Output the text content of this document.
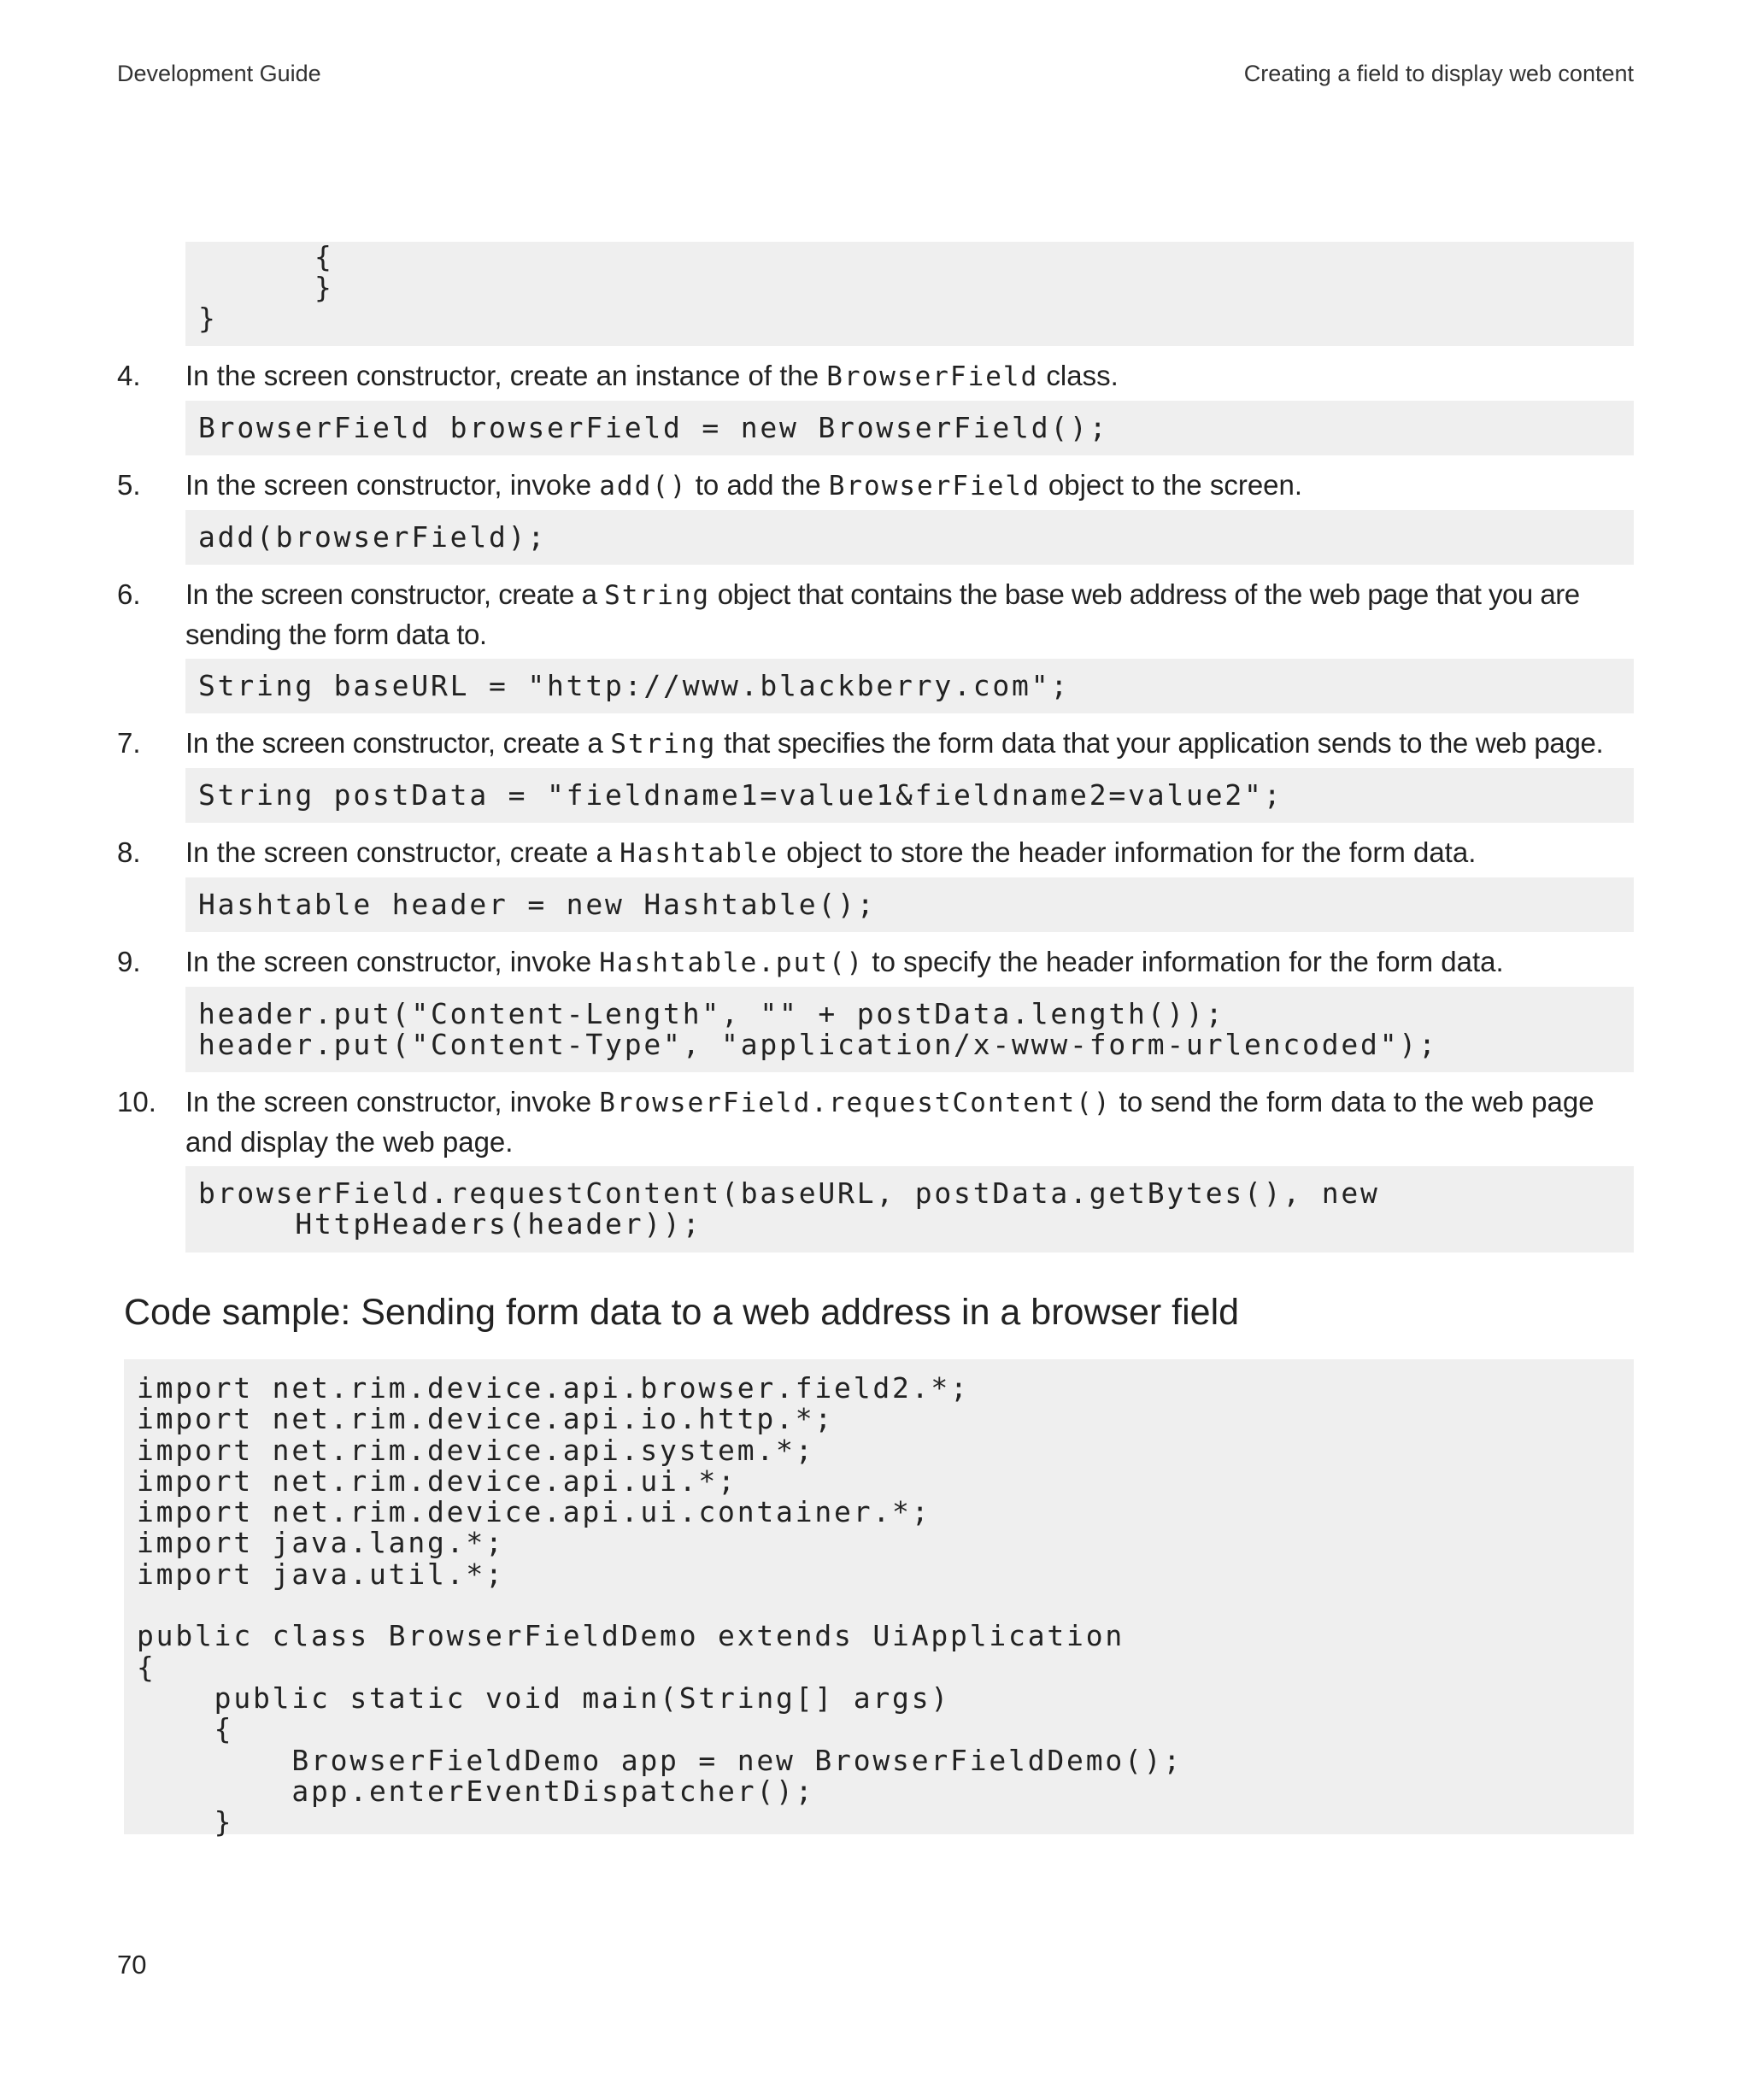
Development Guide	Creating a field to display web content
{
}
}
4. In the screen constructor, create an instance of the BrowserField class.
BrowserField browserField = new BrowserField();
5. In the screen constructor, invoke add() to add the BrowserField object to the screen.
add(browserField);
6. In the screen constructor, create a String object that contains the base web address of the web page that you are sending the form data to.
String baseURL = "http://www.blackberry.com";
7. In the screen constructor, create a String that specifies the form data that your application sends to the web page.
String postData = "fieldname1=value1&fieldname2=value2";
8. In the screen constructor, create a Hashtable object to store the header information for the form data.
Hashtable header = new Hashtable();
9. In the screen constructor, invoke Hashtable.put() to specify the header information for the form data.
header.put("Content-Length", "" + postData.length());
header.put("Content-Type", "application/x-www-form-urlencoded");
10. In the screen constructor, invoke BrowserField.requestContent() to send the form data to the web page and display the web page.
browserField.requestContent(baseURL, postData.getBytes(), new
HttpHeaders(header));
Code sample: Sending form data to a web address in a browser field
import net.rim.device.api.browser.field2.*;
import net.rim.device.api.io.http.*;
import net.rim.device.api.system.*;
import net.rim.device.api.ui.*;
import net.rim.device.api.ui.container.*;
import java.lang.*;
import java.util.*;

public class BrowserFieldDemo extends UiApplication
{
public static void main(String[] args)
{
BrowserFieldDemo app = new BrowserFieldDemo();
app.enterEventDispatcher();
}
70
